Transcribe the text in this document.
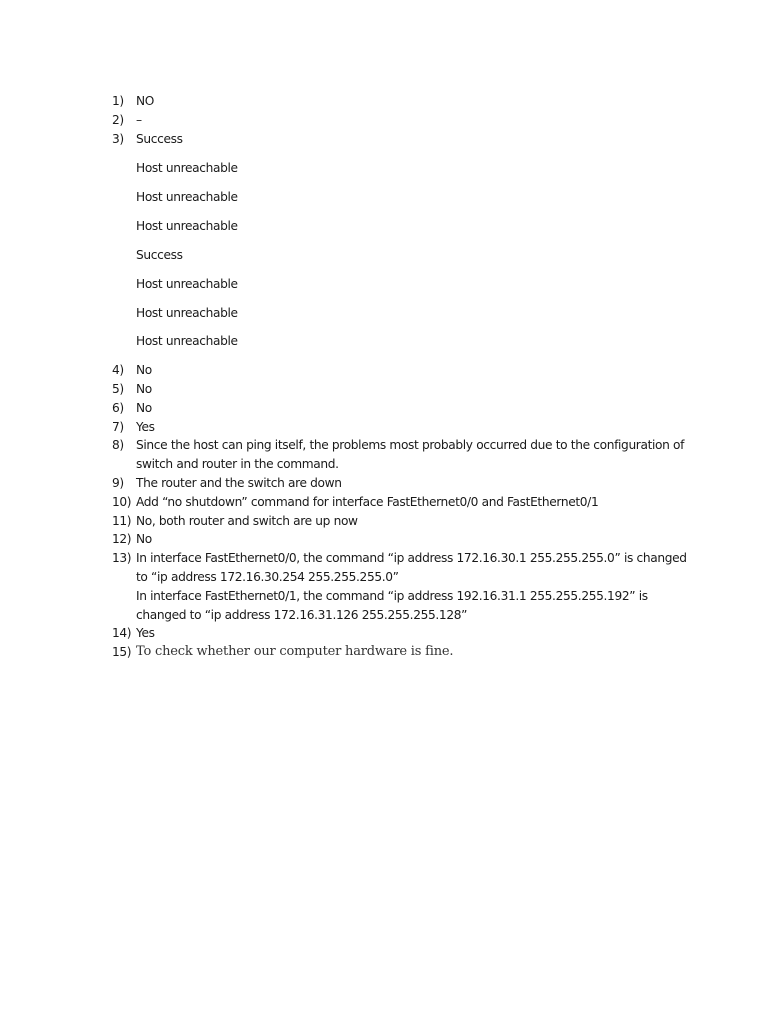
1) NO
2) –
3) Success
Host unreachable
Host unreachable
Host unreachable
Success
Host unreachable
Host unreachable
Host unreachable
4) No
5) No
6) No
7) Yes
8) Since the host can ping itself, the problems most probably occurred due to the configuration of
switch and router in the command.
9) The router and the switch are down
10) Add “no shutdown” command for interface FastEthernet0/0 and FastEthernet0/1
11) No, both router and switch are up now
12) No
13) In interface FastEthernet0/0, the command “ip address 172.16.30.1 255.255.255.0” is changed
to “ip address 172.16.30.254 255.255.255.0”
In interface FastEthernet0/1, the command “ip address 192.16.31.1 255.255.255.192” is
changed to “ip address 172.16.31.126 255.255.255.128”
14) Yes
15) To check whether our computer hardware is fine.
